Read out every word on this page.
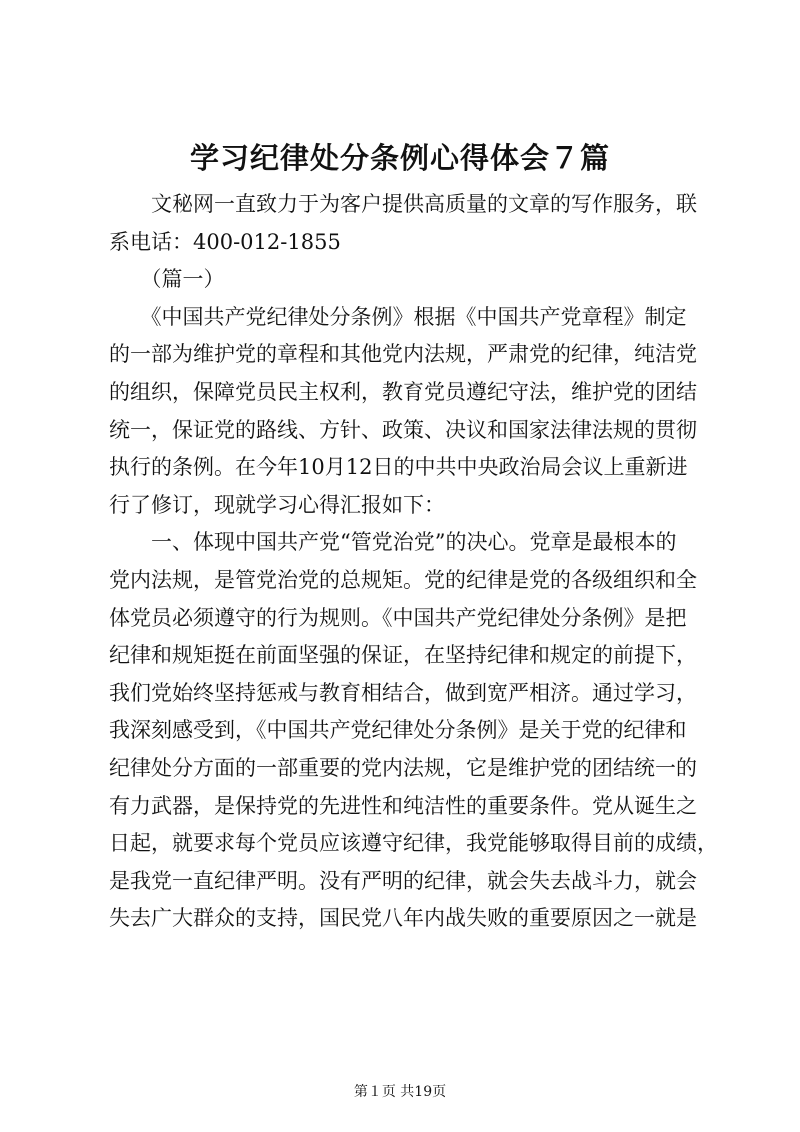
学习纪律处分条例心得体会７篇
　　文秘网一直致力于为客户提供高质量的文章的写作服务，联
系电话：400-012-1855
　　（篇一）
　　《中国共产党纪律处分条例》根据《中国共产党章程》制定
的一部为维护党的章程和其他党内法规，严肃党的纪律，纯洁党
的组织，保障党员民主权利，教育党员遵纪守法，维护党的团结
统一，保证党的路线、方针、政策、决议和国家法律法规的贯彻
执行的条例。在今年10月12日的中共中央政治局会议上重新进
行了修订，现就学习心得汇报如下：
　　一、体现中国共产党“管党治党”的决心。党章是最根本的
党内法规，是管党治党的总规矩。党的纪律是党的各级组织和全
体党员必须遵守的行为规则。《中国共产党纪律处分条例》是把
纪律和规矩挺在前面坚强的保证，在坚持纪律和规定的前提下，
我们党始终坚持惩戒与教育相结合，做到宽严相济。通过学习，
我深刻感受到，《中国共产党纪律处分条例》是关于党的纪律和
纪律处分方面的一部重要的党内法规，它是维护党的团结统一的
有力武器，是保持党的先进性和纯洁性的重要条件。党从诞生之
日起，就要求每个党员应该遵守纪律，我党能够取得目前的成绩，
是我党一直纪律严明。没有严明的纪律，就会失去战斗力，就会
失去广大群众的支持，国民党八年内战失败的重要原因之一就是
第１页 共19页
